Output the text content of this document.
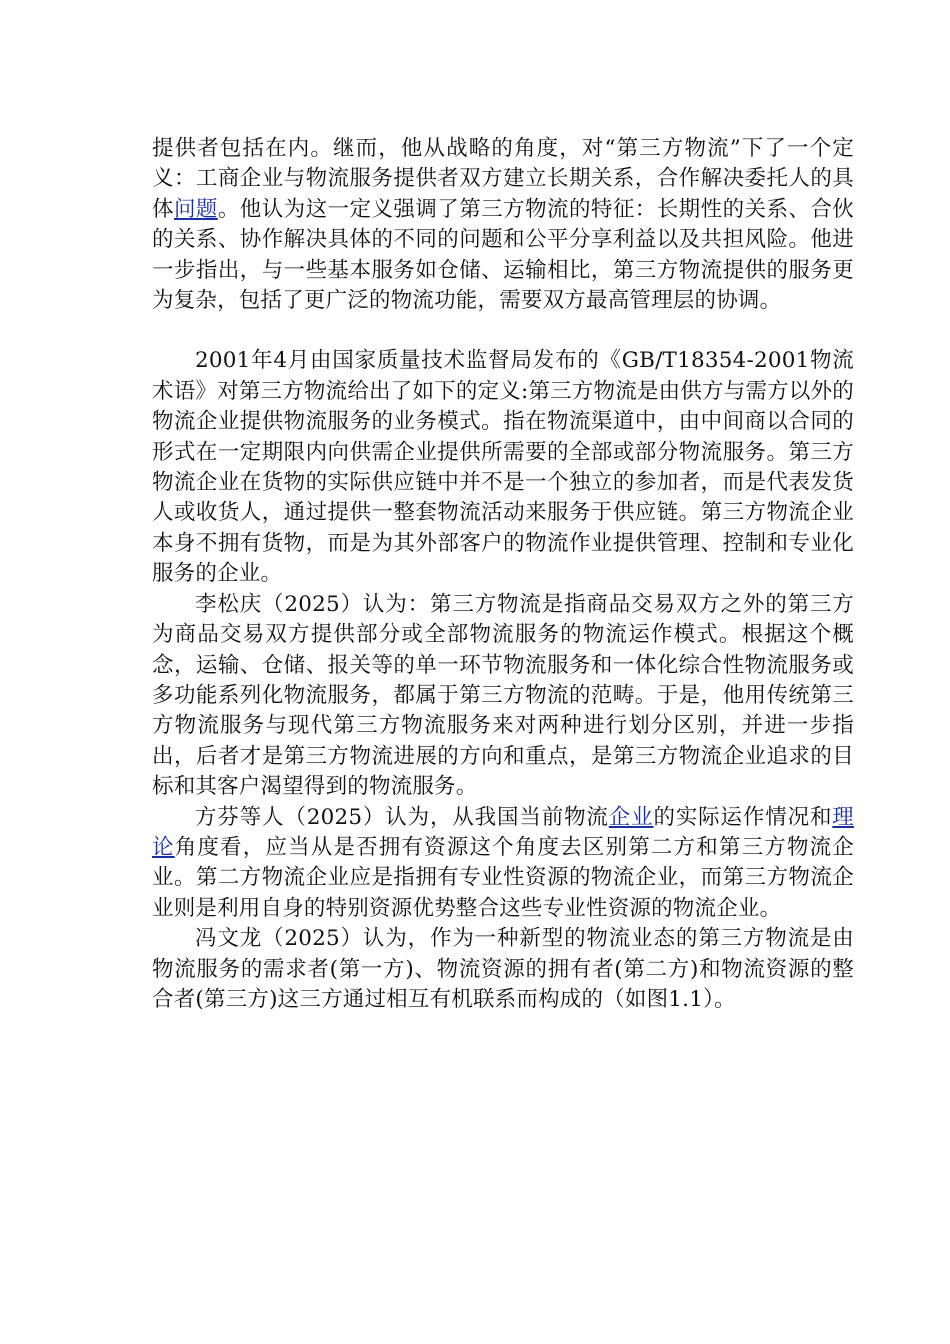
提供者包括在内。继而，他从战略的角度，对“第三方物流”下了一个定义：工商企业与物流服务提供者双方建立长期关系，合作解决委托人的具体问题。他认为这一定义强调了第三方物流的特征：长期性的关系、合伙的关系、协作解决具体的不同的问题和公平分享利益以及共担风险。他进一步指出，与一些基本服务如仓储、运输相比，第三方物流提供的服务更为复杂，包括了更广泛的物流功能，需要双方最高管理层的协调。

2001年4月由国家质量技术监督局发布的《GB/T18354-2001物流术语》对第三方物流给出了如下的定义:第三方物流是由供方与需方以外的物流企业提供物流服务的业务模式。指在物流渠道中，由中间商以合同的形式在一定期限内向供需企业提供所需要的全部或部分物流服务。第三方物流企业在货物的实际供应链中并不是一个独立的参加者，而是代表发货人或收货人，通过提供一整套物流活动来服务于供应链。第三方物流企业本身不拥有货物，而是为其外部客户的物流作业提供管理、控制和专业化服务的企业。

李松庆（2025）认为：第三方物流是指商品交易双方之外的第三方为商品交易双方提供部分或全部物流服务的物流运作模式。根据这个概念，运输、仓储、报关等的单一环节物流服务和一体化综合性物流服务或多功能系列化物流服务，都属于第三方物流的范畴。于是，他用传统第三方物流服务与现代第三方物流服务来对两种进行划分区别，并进一步指出，后者才是第三方物流进展的方向和重点，是第三方物流企业追求的目标和其客户渴望得到的物流服务。

方芬等人（2025）认为，从我国当前物流企业的实际运作情况和理论角度看，应当从是否拥有资源这个角度去区别第二方和第三方物流企业。第二方物流企业应是指拥有专业性资源的物流企业，而第三方物流企业则是利用自身的特别资源优势整合这些专业性资源的物流企业。

冯文龙（2025）认为，作为一种新型的物流业态的第三方物流是由物流服务的需求者(第一方)、物流资源的拥有者(第二方)和物流资源的整合者(第三方)这三方通过相互有机联系而构成的（如图1.1）。
